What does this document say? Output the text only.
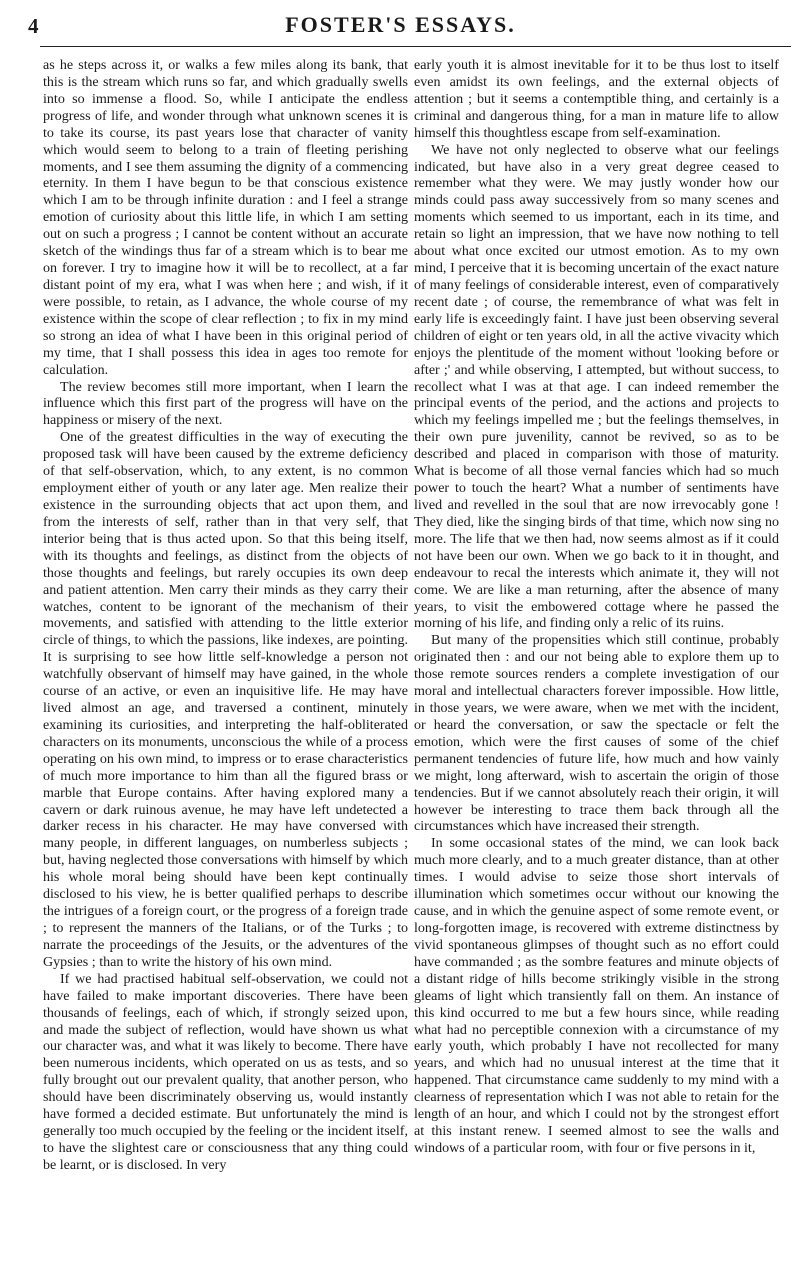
4	FOSTER'S ESSAYS.

as he steps across it, or walks a few miles along its bank, that this is the stream which runs so far, and which gradually swells into so immense a flood. So, while I anticipate the endless progress of life, and wonder through what unknown scenes it is to take its course, its past years lose that character of vanity which would seem to belong to a train of fleeting perishing moments, and I see them assuming the dignity of a commencing eternity. In them I have begun to be that conscious existence which I am to be through infinite duration : and I feel a strange emotion of curiosity about this little life, in which I am setting out on such a progress ; I cannot be content without an accurate sketch of the windings thus far of a stream which is to bear me on forever. I try to imagine how it will be to recollect, at a far distant point of my era, what I was when here ; and wish, if it were possible, to retain, as I advance, the whole course of my existence within the scope of clear reflection ; to fix in my mind so strong an idea of what I have been in this original period of my time, that I shall possess this idea in ages too remote for calculation.

The review becomes still more important, when I learn the influence which this first part of the progress will have on the happiness or misery of the next.

One of the greatest difficulties in the way of executing the proposed task will have been caused by the extreme deficiency of that self-observation, which, to any extent, is no common employment either of youth or any later age. Men realize their existence in the surrounding objects that act upon them, and from the interests of self, rather than in that very self, that interior being that is thus acted upon. So that this being itself, with its thoughts and feelings, as distinct from the objects of those thoughts and feelings, but rarely occupies its own deep and patient attention. Men carry their minds as they carry their watches, content to be ignorant of the mechanism of their movements, and satisfied with attending to the little exterior circle of things, to which the passions, like indexes, are pointing. It is surprising to see how little self-knowledge a person not watchfully observant of himself may have gained, in the whole course of an active, or even an inquisitive life. He may have lived almost an age, and traversed a continent, minutely examining its curiosities, and interpreting the half-obliterated characters on its monuments, unconscious the while of a process operating on his own mind, to impress or to erase characteristics of much more importance to him than all the figured brass or marble that Europe contains. After having explored many a cavern or dark ruinous avenue, he may have left undetected a darker recess in his character. He may have conversed with many people, in different languages, on numberless subjects ; but, having neglected those conversations with himself by which his whole moral being should have been kept continually disclosed to his view, he is better qualified perhaps to describe the intrigues of a foreign court, or the progress of a foreign trade ; to represent the manners of the Italians, or of the Turks ; to narrate the proceedings of the Jesuits, or the adventures of the Gypsies ; than to write the history of his own mind.

If we had practised habitual self-observation, we could not have failed to make important discoveries. There have been thousands of feelings, each of which, if strongly seized upon, and made the subject of reflection, would have shown us what our character was, and what it was likely to become. There have been numerous incidents, which operated on us as tests, and so fully brought out our prevalent quality, that another person, who should have been discriminately observing us, would instantly have formed a decided estimate. But unfortunately the mind is generally too much occupied by the feeling or the incident itself, to have the slightest care or consciousness that any thing could be learnt, or is disclosed. In very

early youth it is almost inevitable for it to be thus lost to itself even amidst its own feelings, and the external objects of attention ; but it seems a contemptible thing, and certainly is a criminal and dangerous thing, for a man in mature life to allow himself this thoughtless escape from self-examination.

We have not only neglected to observe what our feelings indicated, but have also in a very great degree ceased to remember what they were. We may justly wonder how our minds could pass away successively from so many scenes and moments which seemed to us important, each in its time, and retain so light an impression, that we have now nothing to tell about what once excited our utmost emotion. As to my own mind, I perceive that it is becoming uncertain of the exact nature of many feelings of considerable interest, even of comparatively recent date ; of course, the remembrance of what was felt in early life is exceedingly faint. I have just been observing several children of eight or ten years old, in all the active vivacity which enjoys the plentitude of the moment without 'looking before or after ;' and while observing, I attempted, but without success, to recollect what I was at that age. I can indeed remember the principal events of the period, and the actions and projects to which my feelings impelled me ; but the feelings themselves, in their own pure juvenility, cannot be revived, so as to be described and placed in comparison with those of maturity. What is become of all those vernal fancies which had so much power to touch the heart? What a number of sentiments have lived and revelled in the soul that are now irrevocably gone ! They died, like the singing birds of that time, which now sing no more. The life that we then had, now seems almost as if it could not have been our own. When we go back to it in thought, and endeavour to recal the interests which animate it, they will not come. We are like a man returning, after the absence of many years, to visit the embowered cottage where he passed the morning of his life, and finding only a relic of its ruins.

But many of the propensities which still continue, probably originated then : and our not being able to explore them up to those remote sources renders a complete investigation of our moral and intellectual characters forever impossible. How little, in those years, we were aware, when we met with the incident, or heard the conversation, or saw the spectacle or felt the emotion, which were the first causes of some of the chief permanent tendencies of future life, how much and how vainly we might, long afterward, wish to ascertain the origin of those tendencies. But if we cannot absolutely reach their origin, it will however be interesting to trace them back through all the circumstances which have increased their strength.

In some occasional states of the mind, we can look back much more clearly, and to a much greater distance, than at other times. I would advise to seize those short intervals of illumination which sometimes occur without our knowing the cause, and in which the genuine aspect of some remote event, or long-forgotten image, is recovered with extreme distinctness by vivid spontaneous glimpses of thought such as no effort could have commanded ; as the sombre features and minute objects of a distant ridge of hills become strikingly visible in the strong gleams of light which transiently fall on them. An instance of this kind occurred to me but a few hours since, while reading what had no perceptible connexion with a circumstance of my early youth, which probably I have not recollected for many years, and which had no unusual interest at the time that it happened. That circumstance came suddenly to my mind with a clearness of representation which I was not able to retain for the length of an hour, and which I could not by the strongest effort at this instant renew. I seemed almost to see the walls and windows of a particular room, with four or five persons in it,
